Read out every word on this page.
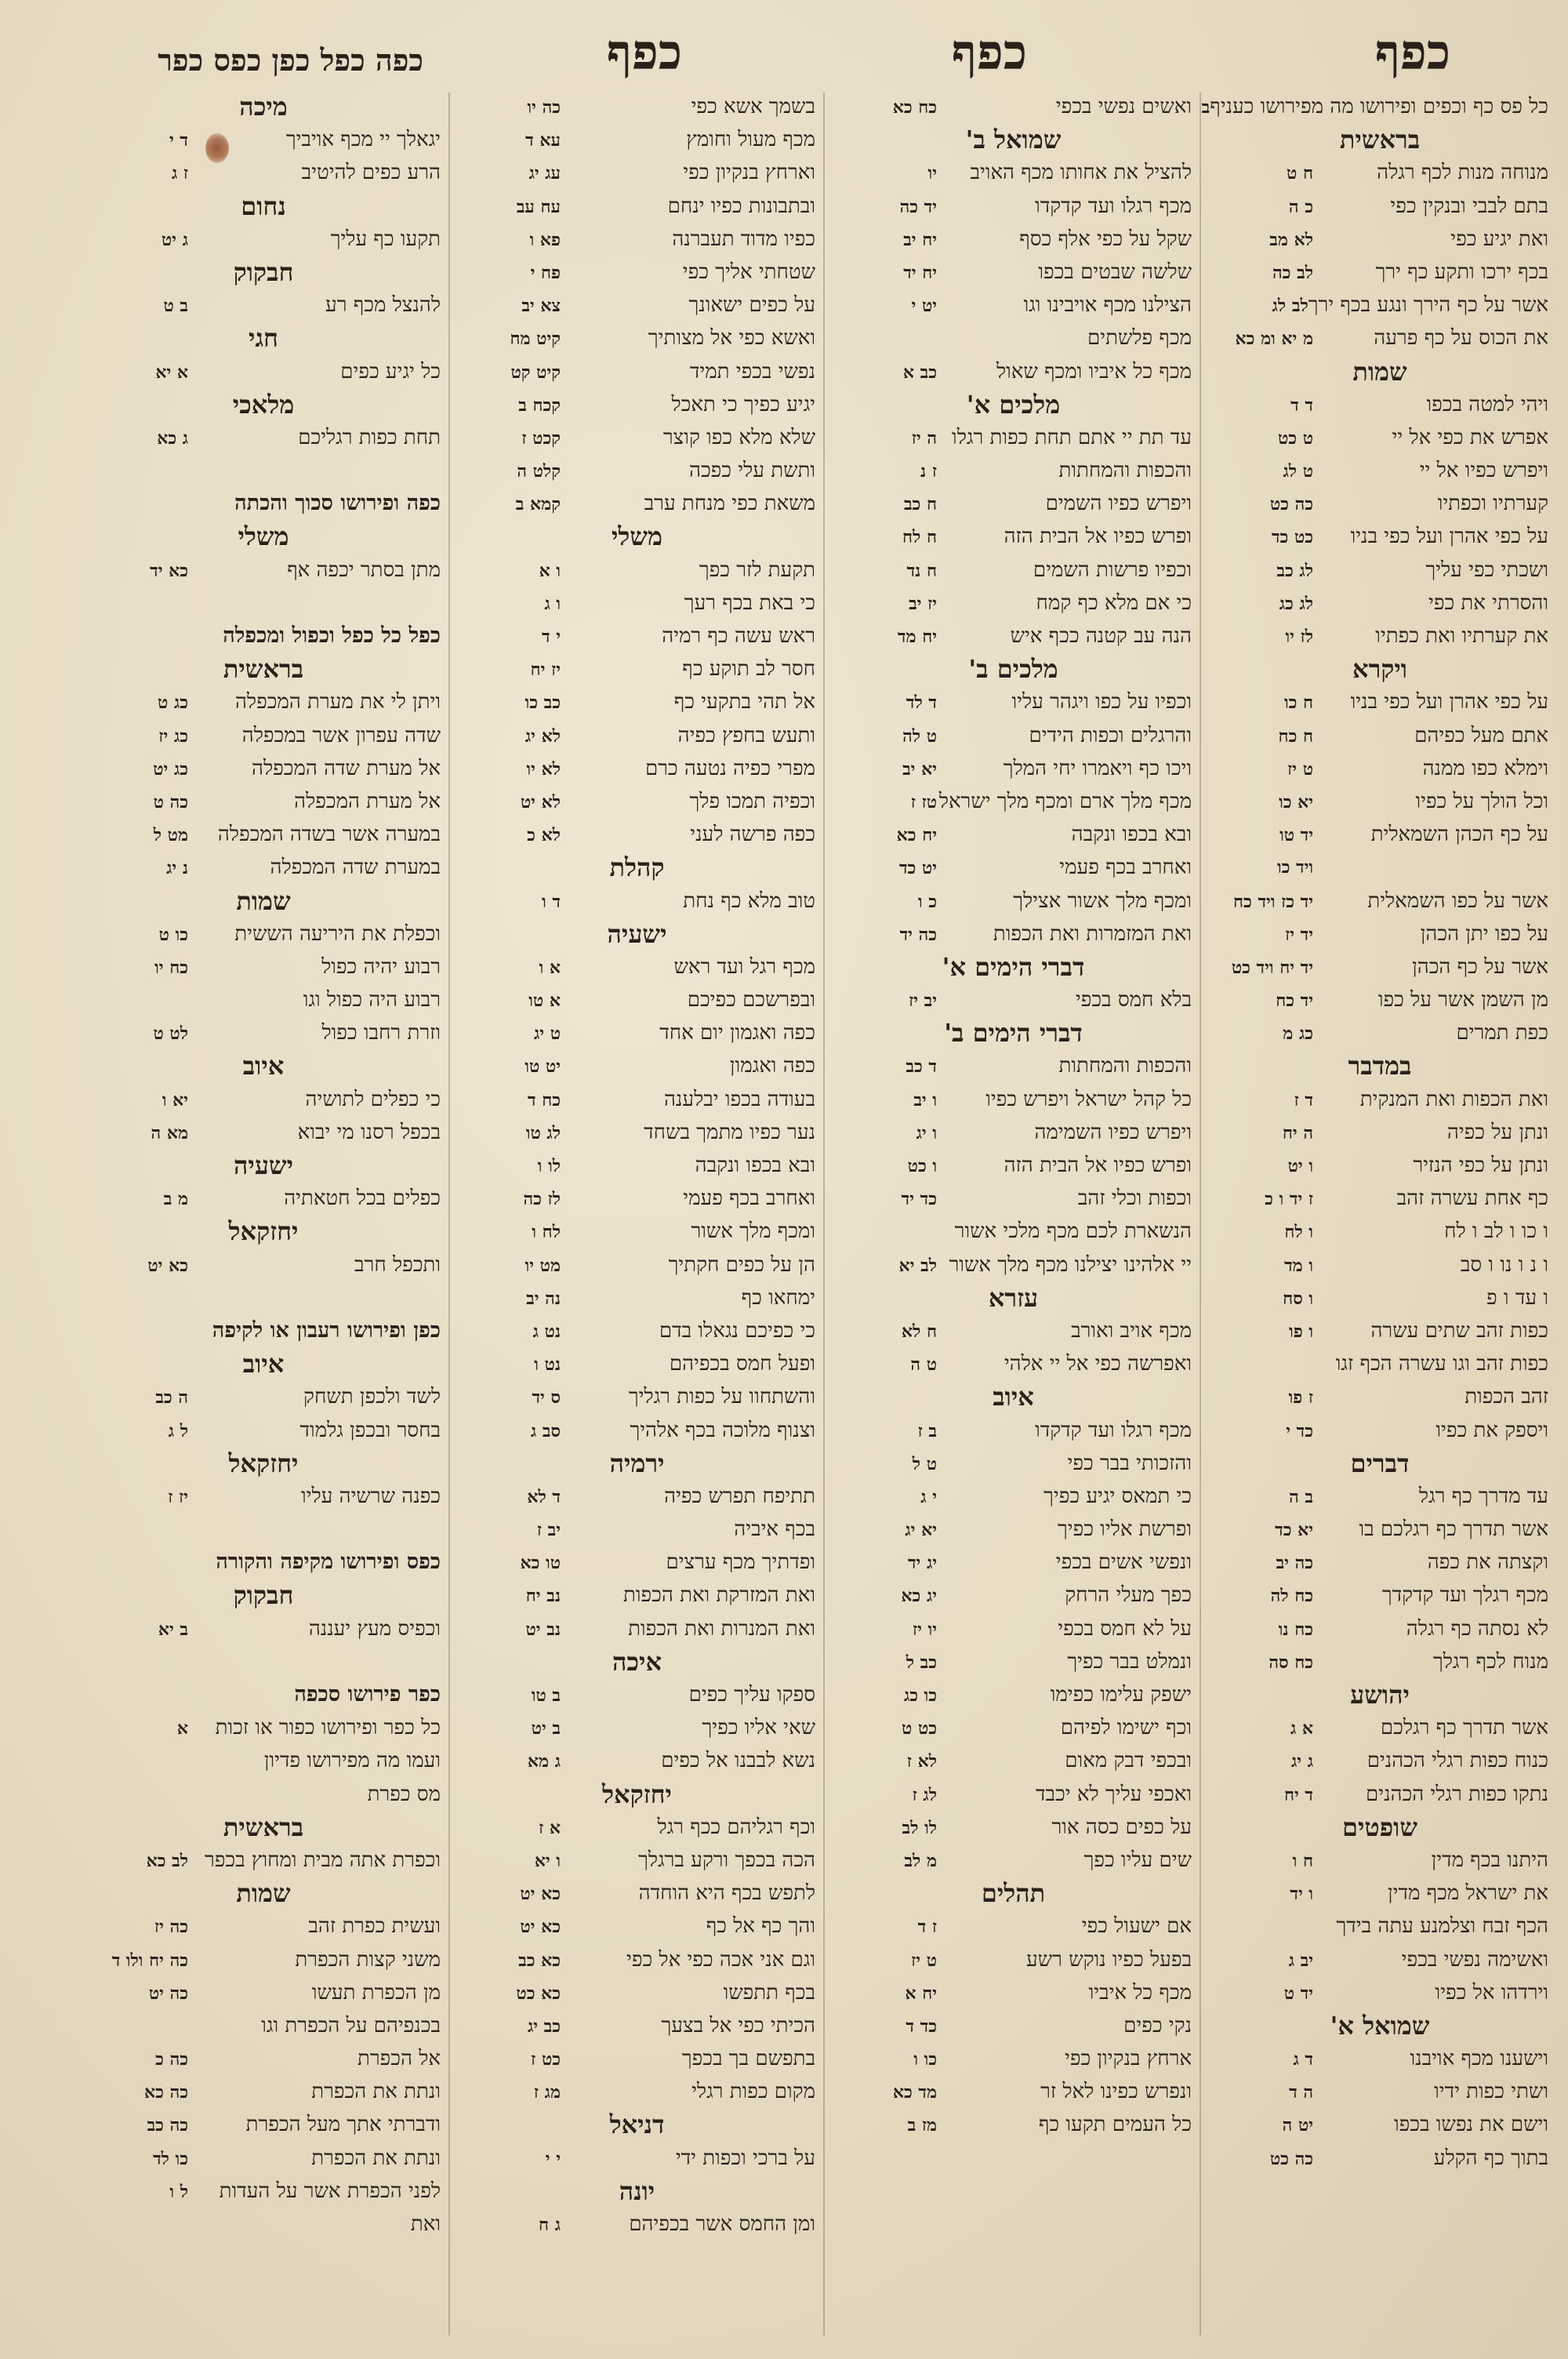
כפף
כפף
כפף
כפה כפל כפן כפס כפר
כל פס כף וכפים ופירושו מה מפירושו כעניף
ב
בראשית
מנוחה מנות לכף רגלה
ח ט
בתם לבבי ובנקין כפי
כ ה
ואת יגיע כפי
לא מב
בכף ירכו ותקע כף ירך
לב כה
אשר על כף הירך ונגע בכף ירך
לב לג
את הכוס על כף פרעה
מ יא ומ כא
שמות
ויהי למטה בכפו
ד ד
אפרש את כפי אל יי
ט כט
ויפרש כפיו אל יי
ט לג
קערתיו וכפתיו
כה כט
על כפי אהרן ועל כפי בניו
כט כד
ושכתי כפי עליך
לג כב
והסרתי את כפי
לג כג
את קערתיו ואת כפתיו
לז יו
ויקרא
על כפי אהרן ועל כפי בניו
ח כו
אתם מעל כפיהם
ח כח
וימלא כפו ממנה
ט יז
וכל הולך על כפיו
יא כו
על כף הכהן השמאלית
יד טו
ויד כו
אשר על כפו השמאלית
יד כז ויד כח
על כפו יתן הכהן
יד יז
אשר על כף הכהן
יד יח ויד כט
מן השמן אשר על כפו
יד כח
כפת תמרים
כג מ
במדבר
ואת הכפות ואת המנקית
ד ז
ונתן על כפיה
ה יח
ונתן על כפי הנזיר
ו יט
כף אחת עשרה זהב
ז יד ו כ
ו כו ו לב ו לח
ו לח
ו נ ו נו ו סב
ו מד
ו עד ו פ
ו סח
כפות זהב שתים עשרה
ו פו
כפות זהב וגו עשרה הכף זגו
זהב הכפות
ז פו
ויספק את כפיו
כד י
דברים
עד מדרך כף רגל
ב ה
אשר תדרך כף רגלכם בו
יא כד
וקצתה את כפה
כה יב
מכף רגלך ועד קדקדך
כח לה
לא נסתה כף רגלה
כח נו
מנוח לכף רגלך
כח סה
יהושע
אשר תדרך כף רגלכם
א ג
כנוח כפות רגלי הכהנים
ג יג
נתקו כפות רגלי הכהנים
ד יח
שופטים
היתנו בכף מדין
ח ו
את ישראל מכף מדין
ו יד
הכף זבח וצלמנע עתה בידך
ואשימה נפשי בכפי
יב ג
וירדהו אל כפיו
יד ט
שמואל א'
וישענו מכף אויבנו
ד ג
ושתי כפות ידיו
ה ד
וישם את נפשו בכפו
יט ה
בתוך כף הקלע
כה כט
ואשים נפשי בכפי
כח כא
שמואל ב'
להציל את אחותו מכף האויב
יו
מכף רגלו ועד קדקדו
יד כה
שקל על כפי אלף כסף
יח יב
שלשה שבטים בכפו
יח יד
הצילנו מכף אויבינו וגו
יט י
מכף פלשתים
מכף כל איביו ומכף שאול
כב א
מלכים א'
עד תת יי אתם תחת כפות רגלו
ה יז
והכפות והמחתות
ז נ
ויפרש כפיו השמים
ח כב
ופרש כפיו אל הבית הזה
ח לח
וכפיו פרשות השמים
ח נד
כי אם מלא כף קמח
יז יב
הנה עב קטנה ככף איש
יח מד
מלכים ב'
וכפיו על כפו ויגהר עליו
ד לד
והרגלים וכפות הידים
ט לה
ויכו כף ויאמרו יחי המלך
יא יב
מכף מלך ארם ומכף מלך ישראל
טז ז
ובא בכפו ונקבה
יח כא
ואחרב בכף פעמי
יט כד
ומכף מלך אשור אצילך
כ ו
ואת המזמרות ואת הכפות
כה יד
דברי הימים א'
בלא חמס בכפי
יב יז
דברי הימים ב'
והכפות והמחתות
ד כב
כל קהל ישראל ויפרש כפיו
ו יב
ויפרש כפיו השמימה
ו יג
ופרש כפיו אל הבית הזה
ו כט
וכפות וכלי זהב
כד יד
הנשארת לכם מכף מלכי אשור
יי אלהינו יצילנו מכף מלך אשור
לב יא
עזרא
מכף אויב ואורב
ח לא
ואפרשה כפי אל יי אלהי
ט ה
איוב
מכף רגלו ועד קדקדו
ב ז
והזכותי בבר כפי
ט ל
כי תמאס יגיע כפיך
י ג
ופרשת אליו כפיך
יא יג
ונפשי אשים בכפי
יג יד
כפך מעלי הרחק
יג כא
על לא חמס בכפי
יו יז
ונמלט בבר כפיך
כב ל
ישפק עלימו כפימו
כו כג
וכף ישימו לפיהם
כט ט
ובכפי דבק מאום
לא ז
ואכפי עליך לא יכבד
לג ז
על כפים כסה אור
לו לב
שים עליו כפך
מ לב
תהלים
אם ישעול כפי
ז ד
בפעל כפיו נוקש רשע
ט יז
מכף כל איביו
יח א
נקי כפים
כד ד
ארחץ בנקיון כפי
כו ו
ונפרש כפינו לאל זר
מד כא
כל העמים תקעו כף
מז ב
בשמך אשא כפי
כה יו
מכף מעול וחומץ
עא ד
וארחץ בנקיון כפי
עג יג
ובתבונות כפיו ינחם
עח עב
כפיו מדוד תעברנה
פא ו
שטחתי אליך כפי
פח י
על כפים ישאונך
צא יב
ואשא כפי אל מצותיך
קיט מח
נפשי בכפי תמיד
קיט קט
יגיע כפיך כי תאכל
קכח ב
שלא מלא כפו קוצר
קכט ז
ותשת עלי כפכה
קלט ה
משאת כפי מנחת ערב
קמא ב
משלי
תקעת לזר כפך
ו א
כי באת בכף רעך
ו ג
ראש עשה כף רמיה
י ד
חסר לב תוקע כף
יז יח
אל תהי בתקעי כף
כב כו
ותעש בחפץ כפיה
לא יג
מפרי כפיה נטעה כרם
לא יו
וכפיה תמכו פלך
לא יט
כפה פרשה לעני
לא כ
קהלת
טוב מלא כף נחת
ד ו
ישעיה
מכף רגל ועד ראש
א ו
ובפרשכם כפיכם
א טו
כפה ואגמון יום אחד
ט יג
כפה ואגמון
יט טו
בעודה בכפו יבלענה
כח ד
נער כפיו מתמך בשחד
לג טו
ובא בכפו ונקבה
לו ו
ואחרב בכף פעמי
לז כה
ומכף מלך אשור
לח ו
הן על כפים חקתיך
מט יו
ימחאו כף
נה יב
כי כפיכם נגאלו בדם
נט ג
ופעל חמס בכפיהם
נט ו
והשתחוו על כפות רגליך
ס יד
וצנוף מלוכה בכף אלהיך
סב ג
ירמיה
תתיפח תפרש כפיה
ד לא
בכף איביה
יב ז
ופדתיך מכף ערצים
טו כא
ואת המזרקת ואת הכפות
נב יח
ואת המנרות ואת הכפות
נב יט
איכה
ספקו עליך כפים
ב טו
שאי אליו כפיך
ב יט
נשא לבבנו אל כפים
ג מא
יחזקאל
וכף רגליהם ככף רגל
א ז
הכה בכפך ורקע ברגלך
ו יא
לתפש בכף היא הוחדה
כא יט
והך כף אל כף
כא יט
וגם אני אכה כפי אל כפי
כא כב
בכף תתפשו
כא כט
הכיתי כפי אל בצעך
כב יג
בתפשם בך בכפך
כט ז
מקום כפות רגלי
מג ז
דניאל
על ברכי וכפות ידי
י י
יונה
ומן החמס אשר בכפיהם
ג ח
מיכה
יגאלך יי מכף אויביך
ד י
הרע כפים להיטיב
ז ג
נחום
תקעו כף עליך
ג יט
חבקוק
להנצל מכף רע
ב ט
חגי
כל יגיע כפים
א יא
מלאכי
תחת כפות רגליכם
ג כא
כפה ופירושו סכוך והכתה
משלי
מתן בסתר יכפה אף
כא יד
כפל כל כפל וכפול ומכפלה
בראשית
ויתן לי את מערת המכפלה
כג ט
שדה עפרון אשר במכפלה
כג יז
אל מערת שדה המכפלה
כג יט
אל מערת המכפלה
כה ט
במערה אשר בשדה המכפלה
מט ל
במערת שדה המכפלה
נ יג
שמות
וכפלת את היריעה הששית
כו ט
רבוע יהיה כפול
כח יו
רבוע היה כפול וגו
וזרת רחבו כפול
לט ט
איוב
כי כפלים לתושיה
יא ו
בכפל רסנו מי יבוא
מא ה
ישעיה
כפלים בכל חטאתיה
מ ב
יחזקאל
ותכפל חרב
כא יט
כפן ופירושו רעבון או לקיפה
איוב
לשד ולכפן תשחק
ה כב
בחסר ובכפן גלמוד
ל ג
יחזקאל
כפנה שרשיה עליו
יז ז
כפס ופירושו מקיפה והקורה
חבקוק
וכפיס מעץ יעננה
ב יא
כפר פירושו סכפה
כל כפר ופירושו כפור או זכות
א
ועמו מה מפירושו פדיון
מס כפרת
בראשית
וכפרת אתה מבית ומחוץ בכפר
לב כא
שמות
ועשית כפרת זהב
כה יז
משני קצות הכפרת
כה יח ולו ד
מן הכפרת תעשו
כה יט
בכנפיהם על הכפרת וגו
אל הכפרת
כה כ
ונתת את הכפרת
כה כא
ודברתי אתך מעל הכפרת
כה כב
ונתת את הכפרת
כו לד
לפני הכפרת אשר על העדות
ל ו
ואת
